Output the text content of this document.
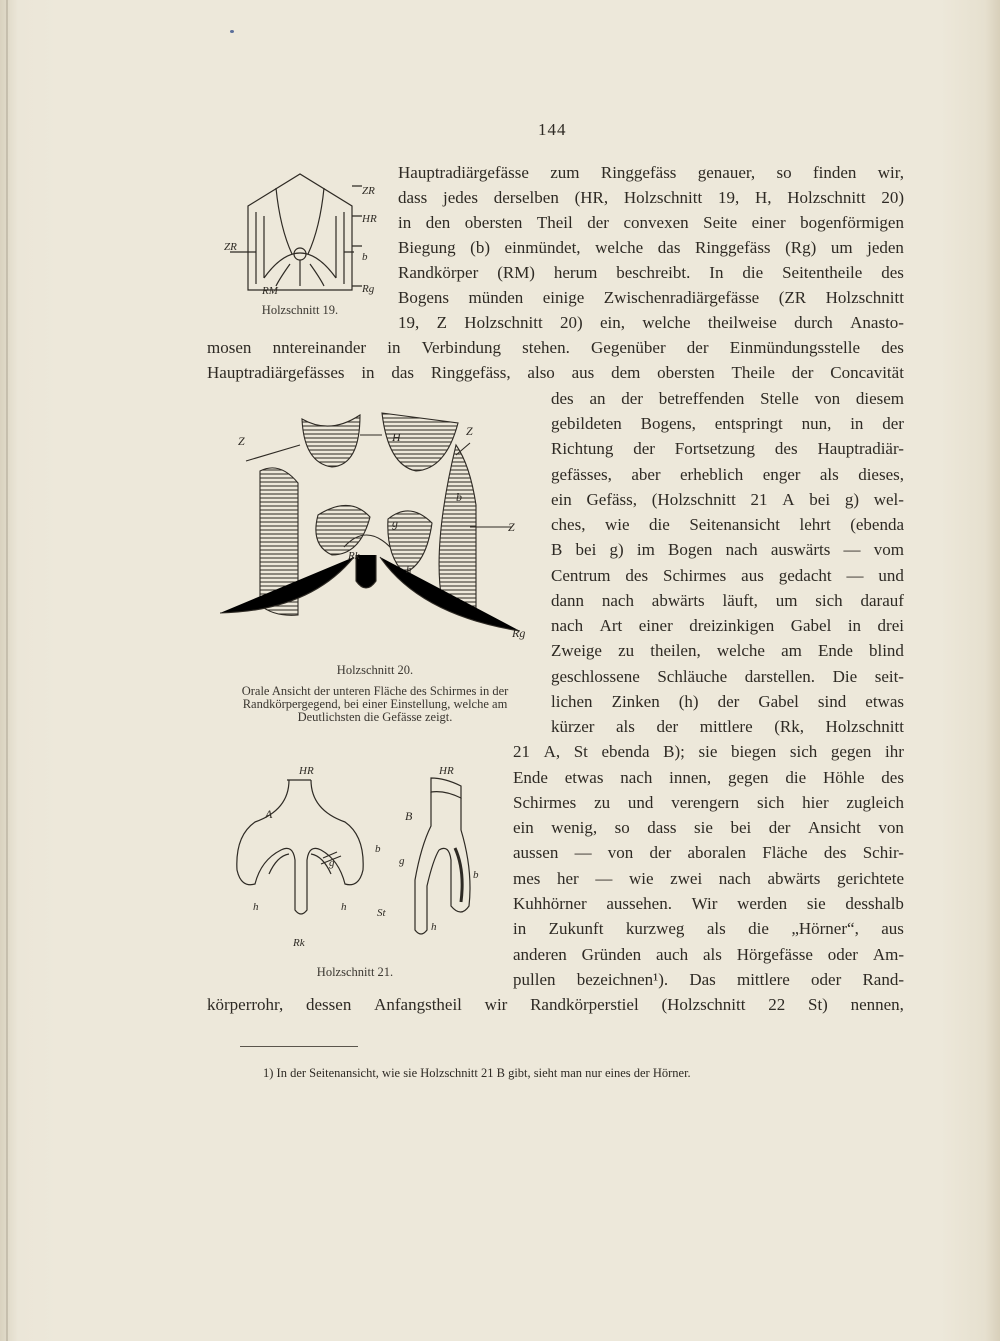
144
Hauptradiärgefässe zum Ringgefäss genauer, so finden wir,
dass jedes derselben (HR, Holzschnitt 19, H, Holzschnitt 20)
in den obersten Theil der convexen Seite einer bogenförmigen
Biegung (b) einmündet, welche das Ringgefäss (Rg) um jeden
Randkörper (RM) herum beschreibt. In die Seitentheile des
Bogens münden einige Zwischenradiärgefässe (ZR Holzschnitt
19, Z Holzschnitt 20) ein, welche theilweise durch Anasto-
mosen nntereinander in Verbindung stehen. Gegenüber der Einmündungsstelle des
Hauptradiärgefässes in das Ringgefäss, also aus dem obersten Theile der Concavität
des an der betreffenden Stelle von diesem
gebildeten Bogens, entspringt nun, in der
Richtung der Fortsetzung des Hauptradiär-
gefässes, aber erheblich enger als dieses,
ein Gefäss, (Holzschnitt 21 A bei g) wel-
ches, wie die Seitenansicht lehrt (ebenda
B bei g) im Bogen nach auswärts — vom
Centrum des Schirmes aus gedacht — und
dann nach abwärts läuft, um sich darauf
nach Art einer dreizinkigen Gabel in drei
Zweige zu theilen, welche am Ende blind
geschlossene Schläuche darstellen. Die seit-
lichen Zinken (h) der Gabel sind etwas
kürzer als der mittlere (Rk, Holzschnitt
21 A, St ebenda B); sie biegen sich gegen ihr
Ende etwas nach innen, gegen die Höhle des
Schirmes zu und verengern sich hier zugleich
ein wenig, so dass sie bei der Ansicht von
aussen — von der aboralen Fläche des Schir-
mes her — wie zwei nach abwärts gerichtete
Kuhhörner aussehen. Wir werden sie desshalb
in Zukunft kurzweg als die „Hörner“, aus
anderen Gründen auch als Hörgefässe oder Am-
pullen bezeichnen¹). Das mittlere oder Rand-
körperrohr, dessen Anfangstheil wir Randkörperstiel (Holzschnitt 22 St) nennen,
ZR
HR
ZR
b
RM	Rg
Holzschnitt 19.
Z	H	Z
b
Z
g
Rk
h
Rg
Holzschnitt 20.
Orale Ansicht der unteren Fläche des Schirmes in der
Randkörpergegend, bei einer Einstellung, welche am
Deutlichsten die Gefässe zeigt.
HR
A
HR
B
g
b
g
b
h	h	St
h
Rk
Holzschnitt 21.
1) In der Seitenansicht, wie sie Holzschnitt 21 B gibt, sieht man nur eines der Hörner.
